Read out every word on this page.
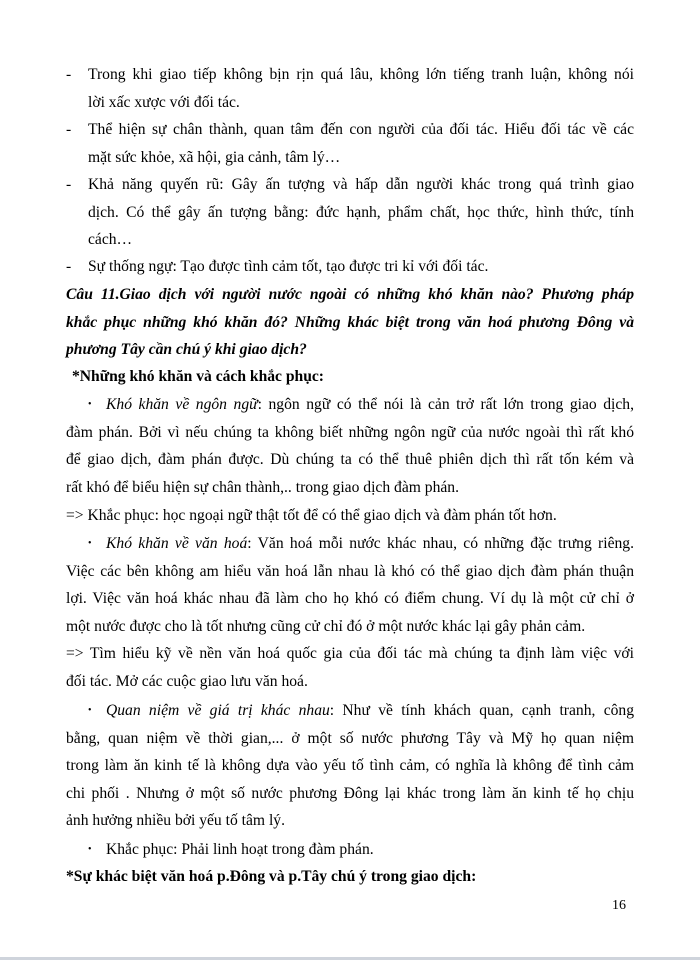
- Trong khi giao tiếp không bịn rịn quá lâu, không lớn tiếng tranh luận, không nói
lời xấc xược với đối tác.
- Thể hiện sự chân thành, quan tâm đến con người của đối tác. Hiểu đối tác về các
mặt sức khỏe, xã hội, gia cảnh, tâm lý…
- Khả năng quyến rũ: Gây ấn tượng và hấp dẫn người khác trong quá trình giao
dịch. Có thể gây ấn tượng bằng: đức hạnh, phẩm chất, học thức, hình thức, tính
cách…
- Sự thống ngự: Tạo được tình cảm tốt, tạo được tri kỉ với đối tác.
Câu 11.Giao dịch với người nước ngoài có những khó khăn nào? Phương pháp
khắc phục những khó khăn đó? Những khác biệt trong văn hoá phương Đông và
phương Tây cần chú ý khi giao dịch?
*Những khó khăn và cách khắc phục:
• Khó khăn về ngôn ngữ: ngôn ngữ có thể nói là cản trở rất lớn trong giao dịch,
đàm phán. Bởi vì nếu chúng ta không biết những ngôn ngữ của nước ngoài thì rất khó
để giao dịch, đàm phán được. Dù chúng ta có thể thuê phiên dịch thì rất tốn kém và
rất khó để biểu hiện sự chân thành,.. trong giao dịch đàm phán.
=> Khắc phục: học ngoại ngữ thật tốt để có thể giao dịch và đàm phán tốt hơn.
• Khó khăn về văn hoá: Văn hoá mỗi nước khác nhau, có những đặc trưng riêng.
Việc các bên không am hiểu văn hoá lẫn nhau là khó có thể giao dịch đàm phán thuận
lợi. Việc văn hoá khác nhau đã làm cho họ khó có điểm chung. Ví dụ là một cử chỉ ở
một nước được cho là tốt nhưng cũng cử chỉ đó ở một nước khác lại gây phản cảm.
=> Tìm hiểu kỹ về nền văn hoá quốc gia của đối tác mà chúng ta định làm việc với
đối tác. Mở các cuộc giao lưu văn hoá.
• Quan niệm về giá trị khác nhau: Như về tính khách quan, cạnh tranh, công
bằng, quan niệm về thời gian,... ở một số nước phương Tây và Mỹ họ quan niệm
trong làm ăn kinh tế là không dựa vào yếu tố tình cảm, có nghĩa là không để tình cảm
chi phối . Nhưng ở một số nước phương Đông lại khác trong làm ăn kinh tế họ chịu
ảnh hưởng nhiều bởi yếu tố tâm lý.
• Khắc phục: Phải linh hoạt trong đàm phán.
*Sự khác biệt văn hoá p.Đông và p.Tây chú ý trong giao dịch:
16
